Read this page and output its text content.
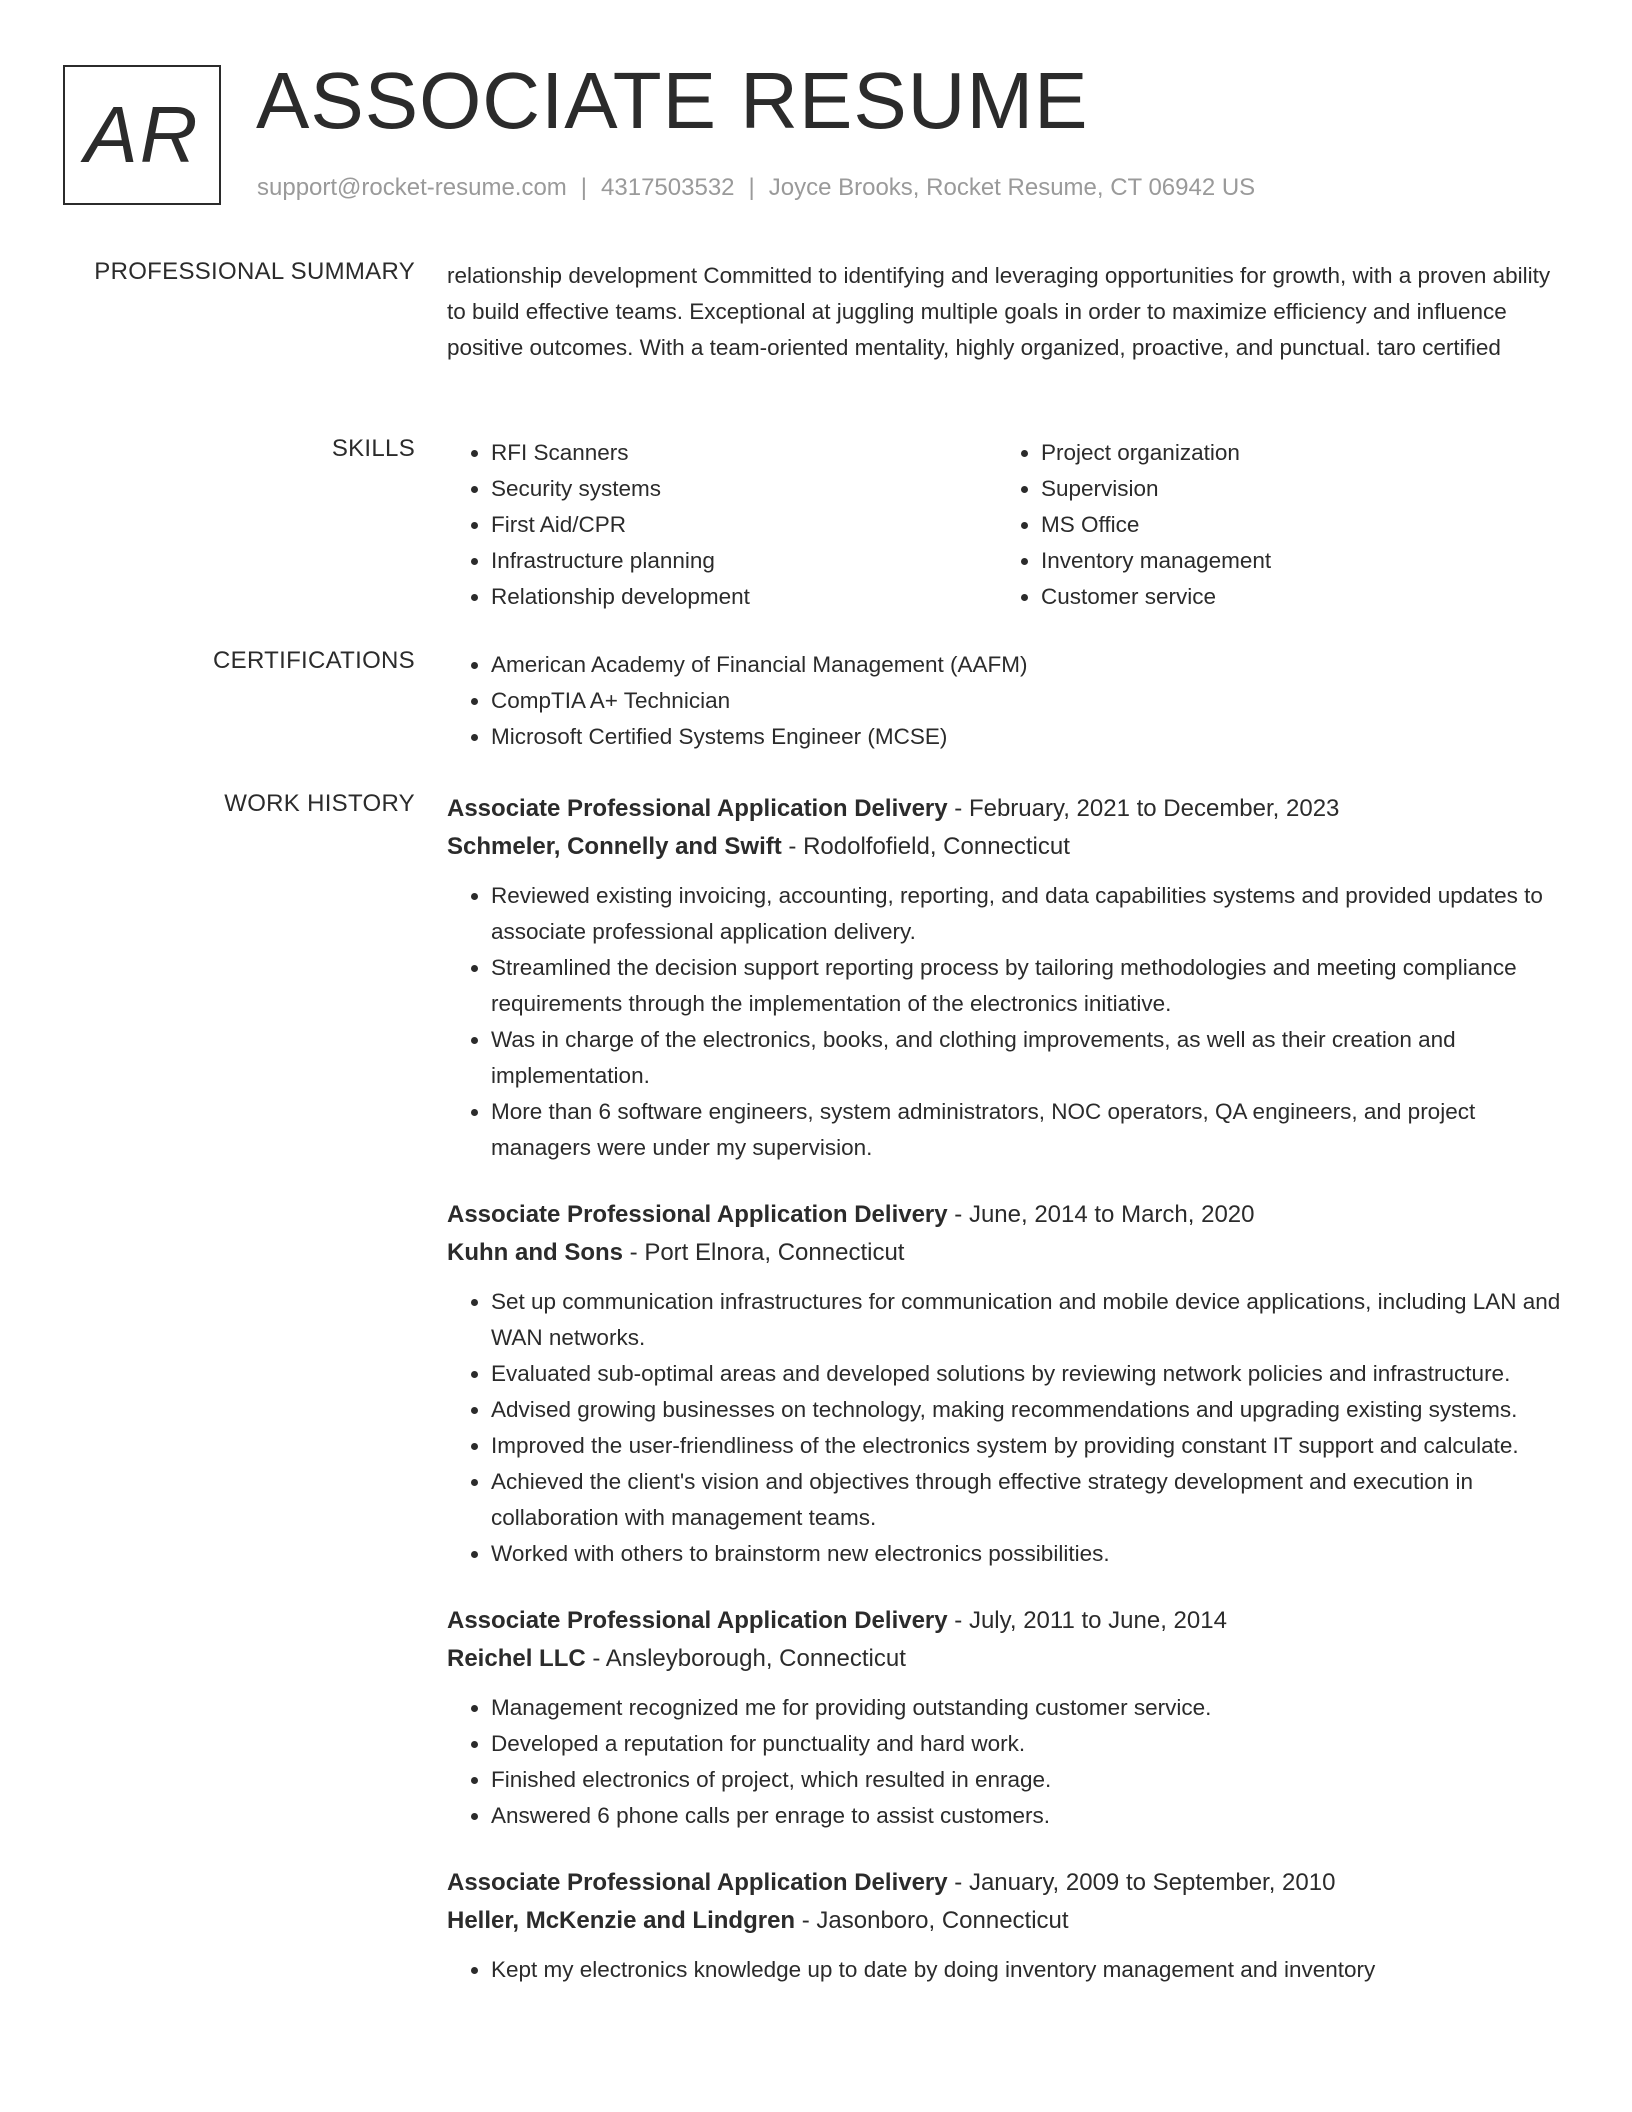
AR ASSOCIATE RESUME
support@rocket-resume.com | 4317503532 | Joyce Brooks, Rocket Resume, CT 06942 US
PROFESSIONAL SUMMARY relationship development Committed to identifying and leveraging opportunities for growth, with a proven ability to build effective teams. Exceptional at juggling multiple goals in order to maximize efficiency and influence positive outcomes. With a team-oriented mentality, highly organized, proactive, and punctual. taro certified
SKILLS	• RFI Scanners
• Security systems
• First Aid/CPR
• Infrastructure planning
• Relationship development
• Project organization
• Supervision
• MS Office
• Inventory management
• Customer service
CERTIFICATIONS	• American Academy of Financial Management (AAFM)
• CompTIA A+ Technician
• Microsoft Certified Systems Engineer (MCSE)
WORK HISTORY Associate Professional Application Delivery - February, 2021 to December, 2023
Schmeler, Connelly and Swift - Rodolfofield, Connecticut
• Reviewed existing invoicing, accounting, reporting, and data capabilities systems and provided updates to associate professional application delivery.
• Streamlined the decision support reporting process by tailoring methodologies and meeting compliance requirements through the implementation of the electronics initiative.
• Was in charge of the electronics, books, and clothing improvements, as well as their creation and implementation.
• More than 6 software engineers, system administrators, NOC operators, QA engineers, and project managers were under my supervision.
Associate Professional Application Delivery - June, 2014 to March, 2020
Kuhn and Sons - Port Elnora, Connecticut
• Set up communication infrastructures for communication and mobile device applications, including LAN and WAN networks.
• Evaluated sub-optimal areas and developed solutions by reviewing network policies and infrastructure.
• Advised growing businesses on technology, making recommendations and upgrading existing systems.
• Improved the user-friendliness of the electronics system by providing constant IT support and calculate.
• Achieved the client's vision and objectives through effective strategy development and execution in collaboration with management teams.
• Worked with others to brainstorm new electronics possibilities.
Associate Professional Application Delivery - July, 2011 to June, 2014
Reichel LLC - Ansleyborough, Connecticut
• Management recognized me for providing outstanding customer service.
• Developed a reputation for punctuality and hard work.
• Finished electronics of project, which resulted in enrage.
• Answered 6 phone calls per enrage to assist customers.
Associate Professional Application Delivery - January, 2009 to September, 2010
Heller, McKenzie and Lindgren - Jasonboro, Connecticut
• Kept my electronics knowledge up to date by doing inventory management and inventory
